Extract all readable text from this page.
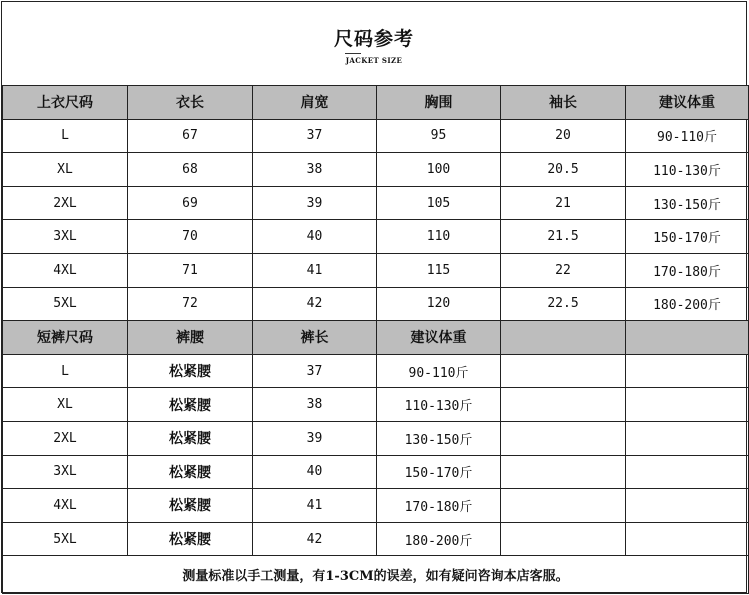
尺码参考
JACKET SIZE
上衣尺码	衣长	肩宽	胸围	袖长	建议体重
L	67	37	95	20	90-110斤
XL	68	38	100	20.5	110-130斤
2XL	69	39	105	21	130-150斤
3XL	70	40	110	21.5	150-170斤
4XL	71	41	115	22	170-180斤
5XL	72	42	120	22.5	180-200斤
短裤尺码	裤腰	裤长	建议体重		
L	松紧腰	37	90-110斤		
XL	松紧腰	38	110-130斤		
2XL	松紧腰	39	130-150斤		
3XL	松紧腰	40	150-170斤		
4XL	松紧腰	41	170-180斤		
5XL	松紧腰	42	180-200斤		
测量标准以手工测量，有1-3CM的误差，如有疑问咨询本店客服。					
